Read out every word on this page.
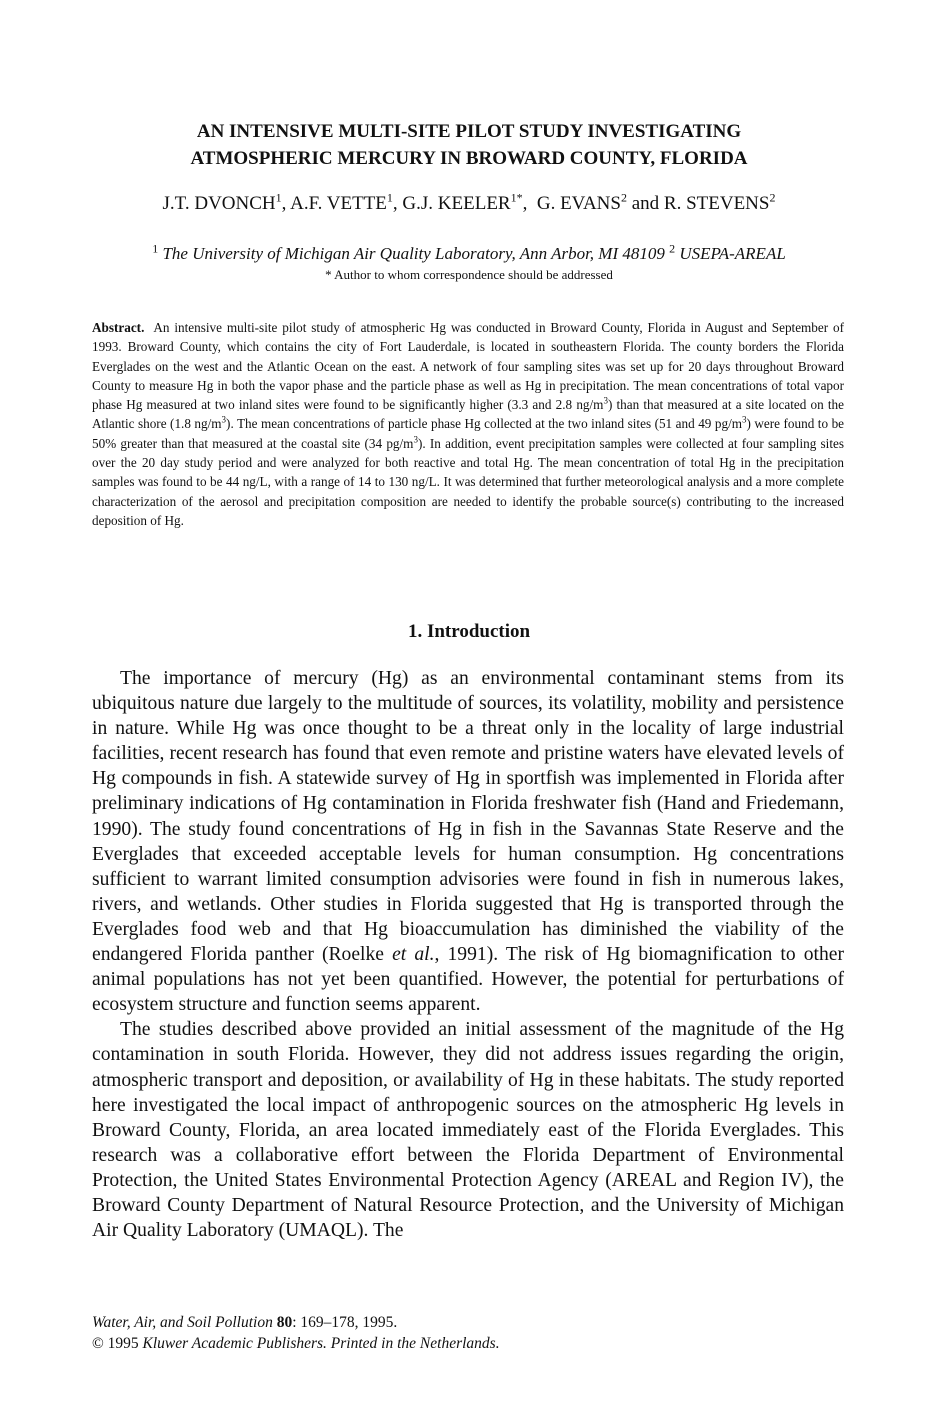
AN INTENSIVE MULTI-SITE PILOT STUDY INVESTIGATING
ATMOSPHERIC MERCURY IN BROWARD COUNTY, FLORIDA
J.T. DVONCH$^1$, A.F. VETTE$^1$, G.J. $KEELER^{1*}$,  G. EVANS$^2$ and R. STEVENS$^2$
$^1$ The University of Michigan Air Quality Laboratory, Ann Arbor, MI 48109 $^2$ USEPA-AREAL
* Author to whom correspondence should be addressed
Abstract. An intensive multi-site pilot study of atmospheric Hg was conducted in Broward County, Florida in August and September of 1993. Broward County, which contains the city of Fort Lauderdale, is located in southeastern Florida. The county borders the Florida Everglades on the west and the Atlantic Ocean on the east. A network of four sampling sites was set up for 20 days throughout Broward County to measure Hg in both the vapor phase and the particle phase as well as Hg in precipitation. The mean concentrations of total vapor phase Hg measured at two inland sites were found to be significantly higher (3.3 and 2.8 $ng/m^3$) than that measured at a site located on the Atlantic shore (1.8 $ng/m^3$). The mean concentrations of particle phase Hg collected at the two inland sites (51 and 49 $pg/m^3$) were found to be 50% greater than that measured at the coastal site (34 $pg/m^3$). In addition, event precipitation samples were collected at four sampling sites over the 20 day study period and were analyzed for both reactive and total Hg. The mean concentration of total Hg in the precipitation samples was found to be 44 ng/L, with a range of 14 to 130 ng/L. It was determined that further meteorological analysis and a more complete characterization of the aerosol and precipitation composition are needed to identify the probable source(s) contributing to the increased deposition of Hg.
1. Introduction

The importance of mercury (Hg) as an environmental contaminant stems from its ubiquitous nature due largely to the multitude of sources, its volatility, mobility and persistence in nature. While Hg was once thought to be a threat only in the locality of large industrial facilities, recent research has found that even remote and pristine waters have elevated levels of Hg compounds in fish. A statewide survey of Hg in sportfish was implemented in Florida after preliminary indications of Hg contamination in Florida freshwater fish (Hand and Friedemann, 1990). The study found concentrations of Hg in fish in the Savannas State Reserve and the Everglades that exceeded acceptable levels for human consumption. Hg concentrations sufficient to warrant limited consumption advisories were found in fish in numerous lakes, rivers, and wetlands. Other studies in Florida suggested that Hg is transported through the Everglades food web and that Hg bioaccumulation has diminished the viability of the endangered Florida panther (Roelke et al., 1991). The risk of Hg biomagnification to other animal populations has not yet been quantified. However, the potential for perturbations of ecosystem structure and function seems apparent.

The studies described above provided an initial assessment of the magnitude of the Hg contamination in south Florida. However, they did not address issues regarding the origin, atmospheric transport and deposition, or availability of Hg in these habitats. The study reported here investigated the local impact of anthropogenic sources on the atmospheric Hg levels in Broward County, Florida, an area located immediately east of the Florida Everglades. This research was a collaborative effort between the Florida Department of Environmental Protection, the United States Environmental Protection Agency (AREAL and Region IV), the Broward County Department of Natural Resource Protection, and the University of Michigan Air Quality Laboratory (UMAQL). The

Water, Air, and Soil Pollution 80: 169–178, 1995.
© 1995 Kluwer Academic Publishers. Printed in the Netherlands.
